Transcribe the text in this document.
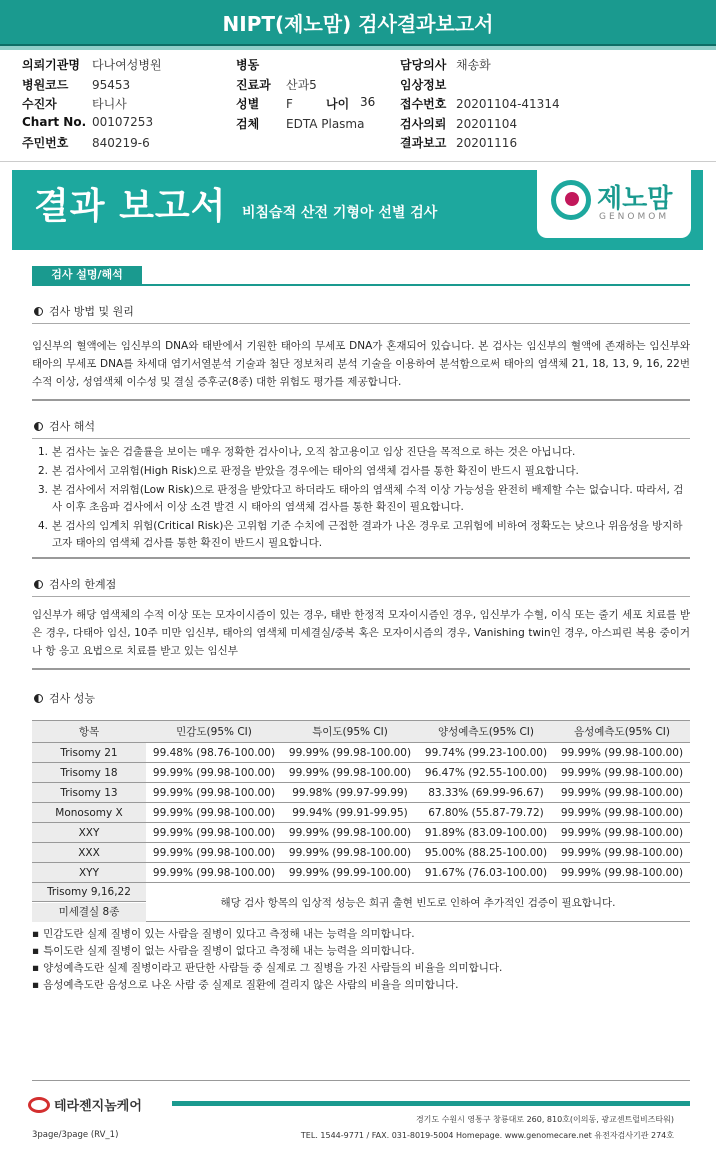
NIPT(제노맘) 검사결과보고서
의뢰기관명 다나여성병원
병원코드 95453
수진자	타니사
Chart No. 00107253
주민번호 840219-6
병동
진료과 산과5
성별 F
검체 EDTA Plasma
나이 36
담당의사 채송화
임상정보
접수번호 20201104-41314
검사의뢰 20201104
결과보고 20201116
결과 보고서 비침습적 산전 기형아 선별 검사	제노맘
GENOMOM
검사 설명/해석
검사 방법 및 원리
임신부의 혈액에는 임신부의 DNA와 태반에서 기원한 태아의 무세포 DNA가 혼재되어 있습니다. 본 검사는 임신부의 혈액에 존재하는 임신부와 태아의 무세포 DNA를 차세대 염기서열분석 기술과 첨단 정보처리 분석 기술을 이용하여 분석함으로써 태아의 염색체 21, 18, 13, 9, 16, 22번 수적 이상, 성염색체 이수성 및 결실 증후군(8종) 대한 위험도 평가를 제공합니다.
검사 해석
1. 본 검사는 높은 검출률을 보이는 매우 정확한 검사이나, 오직 참고용이고 임상 진단을 목적으로 하는 것은 아닙니다.
2. 본 검사에서 고위험(High Risk)으로 판정을 받았을 경우에는 태아의 염색체 검사를 통한 확진이 반드시 필요합니다.
3. 본 검사에서 저위험(Low Risk)으로 판정을 받았다고 하더라도 태아의 염색체 수적 이상 가능성을 완전히 배제할 수는 없습니다. 따라서, 검사 이후 초음파 검사에서 이상 소견 발견 시 태아의 염색체 검사를 통한 확진이 필요합니다.
4. 본 검사의 임계치 위험(Critical Risk)은 고위험 기준 수치에 근접한 결과가 나온 경우로 고위험에 비하여 정확도는 낮으나 위음성을 방지하고자 태아의 염색체 검사를 통한 확진이 반드시 필요합니다.
검사의 한계점
임신부가 해당 염색체의 수적 이상 또는 모자이시즘이 있는 경우, 태반 한정적 모자이시즘인 경우, 임신부가 수혈, 이식 또는 줄기 세포 치료를 받은 경우, 다태아 임신, 10주 미만 임신부, 태아의 염색체 미세결실/중복 혹은 모자이시즘의 경우, Vanishing twin인 경우, 아스피린 복용 중이거나 항 응고 요법으로 치료를 받고 있는 임신부
검사 성능
항목	민감도(95% CI)	특이도(95% CI)	양성예측도(95% CI)	음성예측도(95% CI)
Trisomy 21	99.48% (98.76-100.00)	99.99% (99.98-100.00)	99.74% (99.23-100.00)	99.99% (99.98-100.00)
Trisomy 18	99.99% (99.98-100.00)	99.99% (99.98-100.00)	96.47% (92.55-100.00)	99.99% (99.98-100.00)
Trisomy 13	99.99% (99.98-100.00)	99.98% (99.97-99.99)	83.33% (69.99-96.67)	99.99% (99.98-100.00)
Monosomy X	99.99% (99.98-100.00)	99.94% (99.91-99.95)	67.80% (55.87-79.72)	99.99% (99.98-100.00)
XXY	99.99% (99.98-100.00)	99.99% (99.98-100.00)	91.89% (83.09-100.00)	99.99% (99.98-100.00)
XXX	99.99% (99.98-100.00)	99.99% (99.98-100.00)	95.00% (88.25-100.00)	99.99% (99.98-100.00)
XYY	99.99% (99.98-100.00)	99.99% (99.99-100.00)	91.67% (76.03-100.00)	99.99% (99.98-100.00)
Trisomy 9,16,22
미세결실 8종
해당 검사 항목의 임상적 성능은 희귀 출현 빈도로 인하여 추가적인 검증이 필요합니다.
▪ 민감도란 실제 질병이 있는 사람을 질병이 있다고 측정해 내는 능력을 의미합니다.
▪ 특이도란 실제 질병이 없는 사람을 질병이 없다고 측정해 내는 능력을 의미합니다.
▪ 양성예측도란 실제 질병이라고 판단한 사람들 중 실제로 그 질병을 가진 사람들의 비율을 의미합니다.
▪ 음성예측도란 음성으로 나온 사람 중 실제로 질환에 걸리지 않은 사람의 비율을 의미합니다.
테라젠지놈케어
경기도 수원시 영통구 창룡대로 260, 810호(이의동, 광교센트럴비즈타워)
TEL. 1544-9771 / FAX. 031-8019-5004 Homepage. www.genomecare.net 유전자검사기관 274호
3page/3page (RV_1)
